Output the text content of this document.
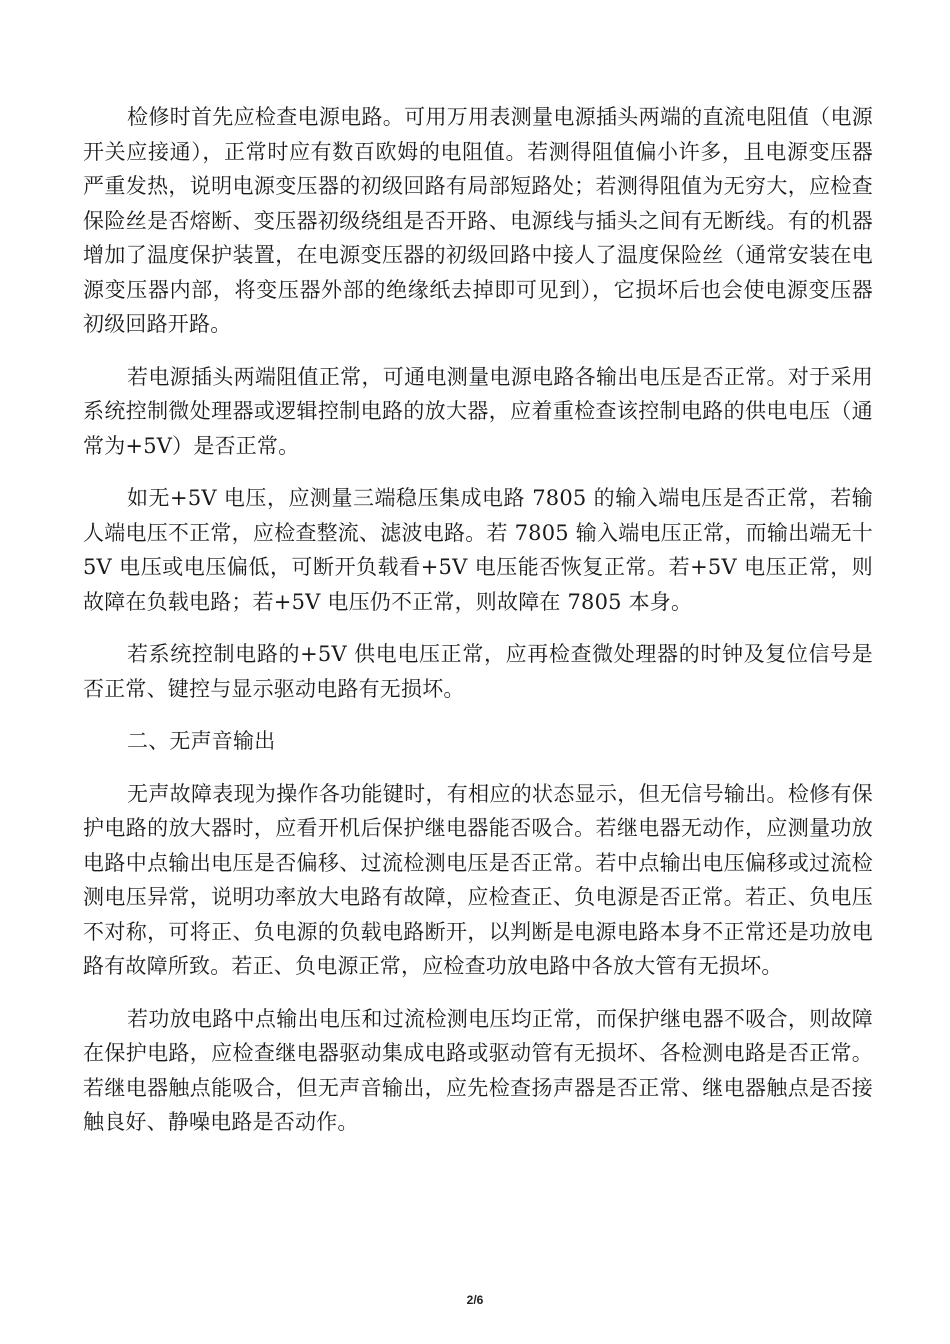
检修时首先应检查电源电路。可用万用表测量电源插头两端的直流电阻值（电源开关应接通），正常时应有数百欧姆的电阻值。若测得阻值偏小许多，且电源变压器严重发热，说明电源变压器的初级回路有局部短路处；若测得阻值为无穷大，应检查保险丝是否熔断、变压器初级绕组是否开路、电源线与插头之间有无断线。有的机器增加了温度保护装置，在电源变压器的初级回路中接人了温度保险丝（通常安装在电源变压器内部，将变压器外部的绝缘纸去掉即可见到），它损坏后也会使电源变压器初级回路开路。

若电源插头两端阻值正常，可通电测量电源电路各输出电压是否正常。对于采用系统控制微处理器或逻辑控制电路的放大器，应着重检查该控制电路的供电电压（通常为+5V）是否正常。

如无+5V 电压，应测量三端稳压集成电路 7805 的输入端电压是否正常，若输人端电压不正常，应检查整流、滤波电路。若 7805 输入端电压正常，而输出端无十 5V 电压或电压偏低，可断开负载看+5V 电压能否恢复正常。若+5V 电压正常，则故障在负载电路；若+5V 电压仍不正常，则故障在 7805 本身。

若系统控制电路的+5V 供电电压正常，应再检查微处理器的时钟及复位信号是否正常、键控与显示驱动电路有无损坏。

二、无声音输出

无声故障表现为操作各功能键时，有相应的状态显示，但无信号输出。检修有保护电路的放大器时，应看开机后保护继电器能否吸合。若继电器无动作，应测量功放电路中点输出电压是否偏移、过流检测电压是否正常。若中点输出电压偏移或过流检测电压异常，说明功率放大电路有故障，应检查正、负电源是否正常。若正、负电压不对称，可将正、负电源的负载电路断开，以判断是电源电路本身不正常还是功放电路有故障所致。若正、负电源正常，应检查功放电路中各放大管有无损坏。

若功放电路中点输出电压和过流检测电压均正常，而保护继电器不吸合，则故障在保护电路，应检查继电器驱动集成电路或驱动管有无损坏、各检测电路是否正常。若继电器触点能吸合，但无声音输出，应先检查扬声器是否正常、继电器触点是否接触良好、静噪电路是否动作。

2/6
